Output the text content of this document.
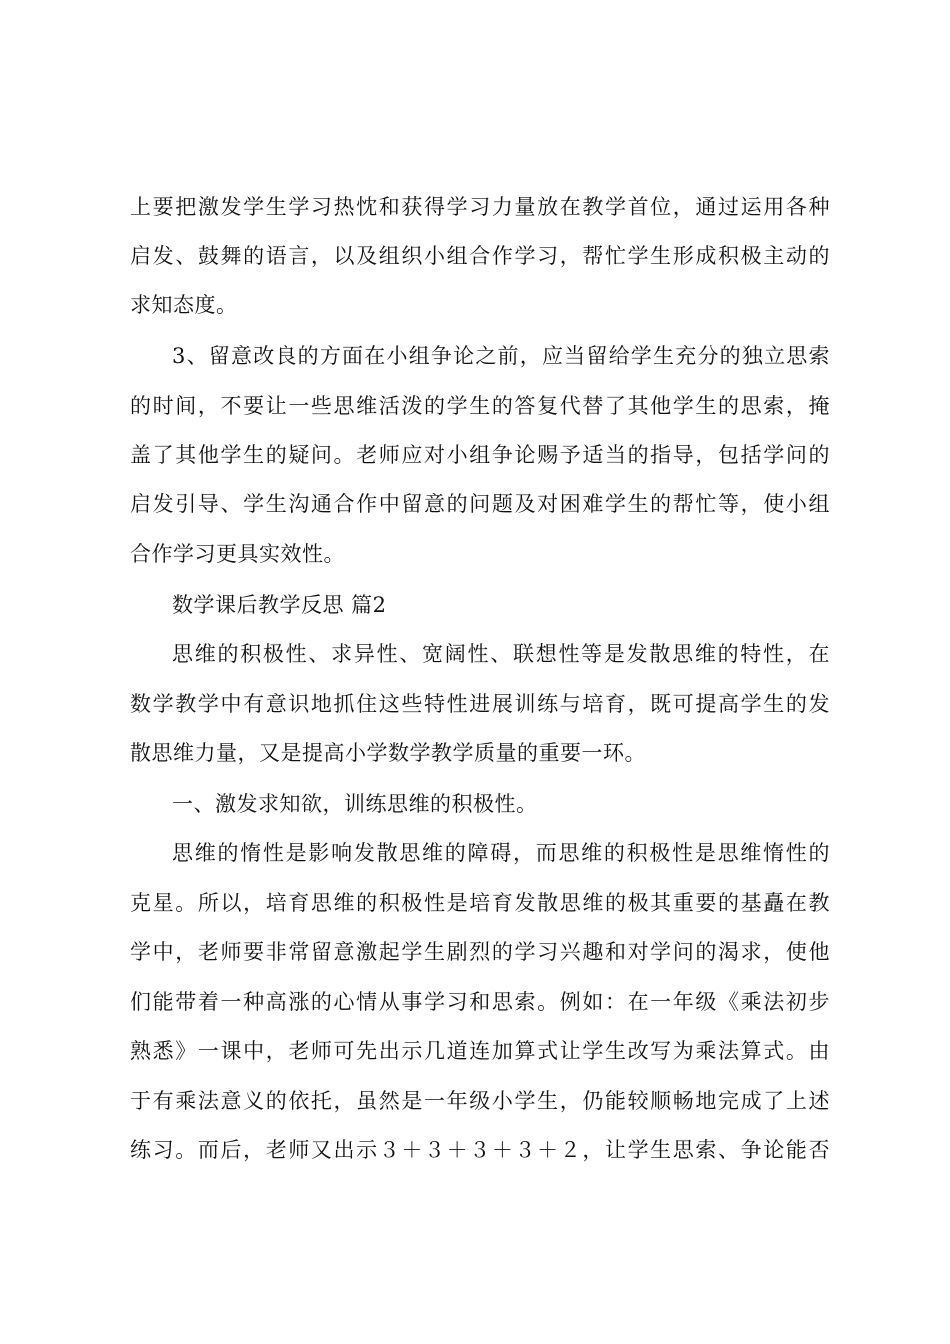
上要把激发学生学习热忱和获得学习力量放在教学首位，通过运用各种
启发、鼓舞的语言，以及组织小组合作学习，帮忙学生形成积极主动的
求知态度。
3、留意改良的方面在小组争论之前，应当留给学生充分的独立思索
的时间，不要让一些思维活泼的学生的答复代替了其他学生的思索，掩
盖了其他学生的疑问。老师应对小组争论赐予适当的指导，包括学问的
启发引导、学生沟通合作中留意的问题及对困难学生的帮忙等，使小组
合作学习更具实效性。
数学课后教学反思 篇2
思维的积极性、求异性、宽阔性、联想性等是发散思维的特性，在
数学教学中有意识地抓住这些特性进展训练与培育，既可提高学生的发
散思维力量，又是提高小学数学教学质量的重要一环。
一、激发求知欲，训练思维的积极性。
思维的惰性是影响发散思维的障碍，而思维的积极性是思维惰性的
克星。所以，培育思维的积极性是培育发散思维的极其重要的基矗在教
学中，老师要非常留意激起学生剧烈的学习兴趣和对学问的渴求，使他
们能带着一种高涨的心情从事学习和思索。例如：在一年级《乘法初步
熟悉》一课中，老师可先出示几道连加算式让学生改写为乘法算式。由
于有乘法意义的依托，虽然是一年级小学生，仍能较顺畅地完成了上述
练习。而后，老师又出示３＋３＋３＋３＋２，让学生思索、争论能否
